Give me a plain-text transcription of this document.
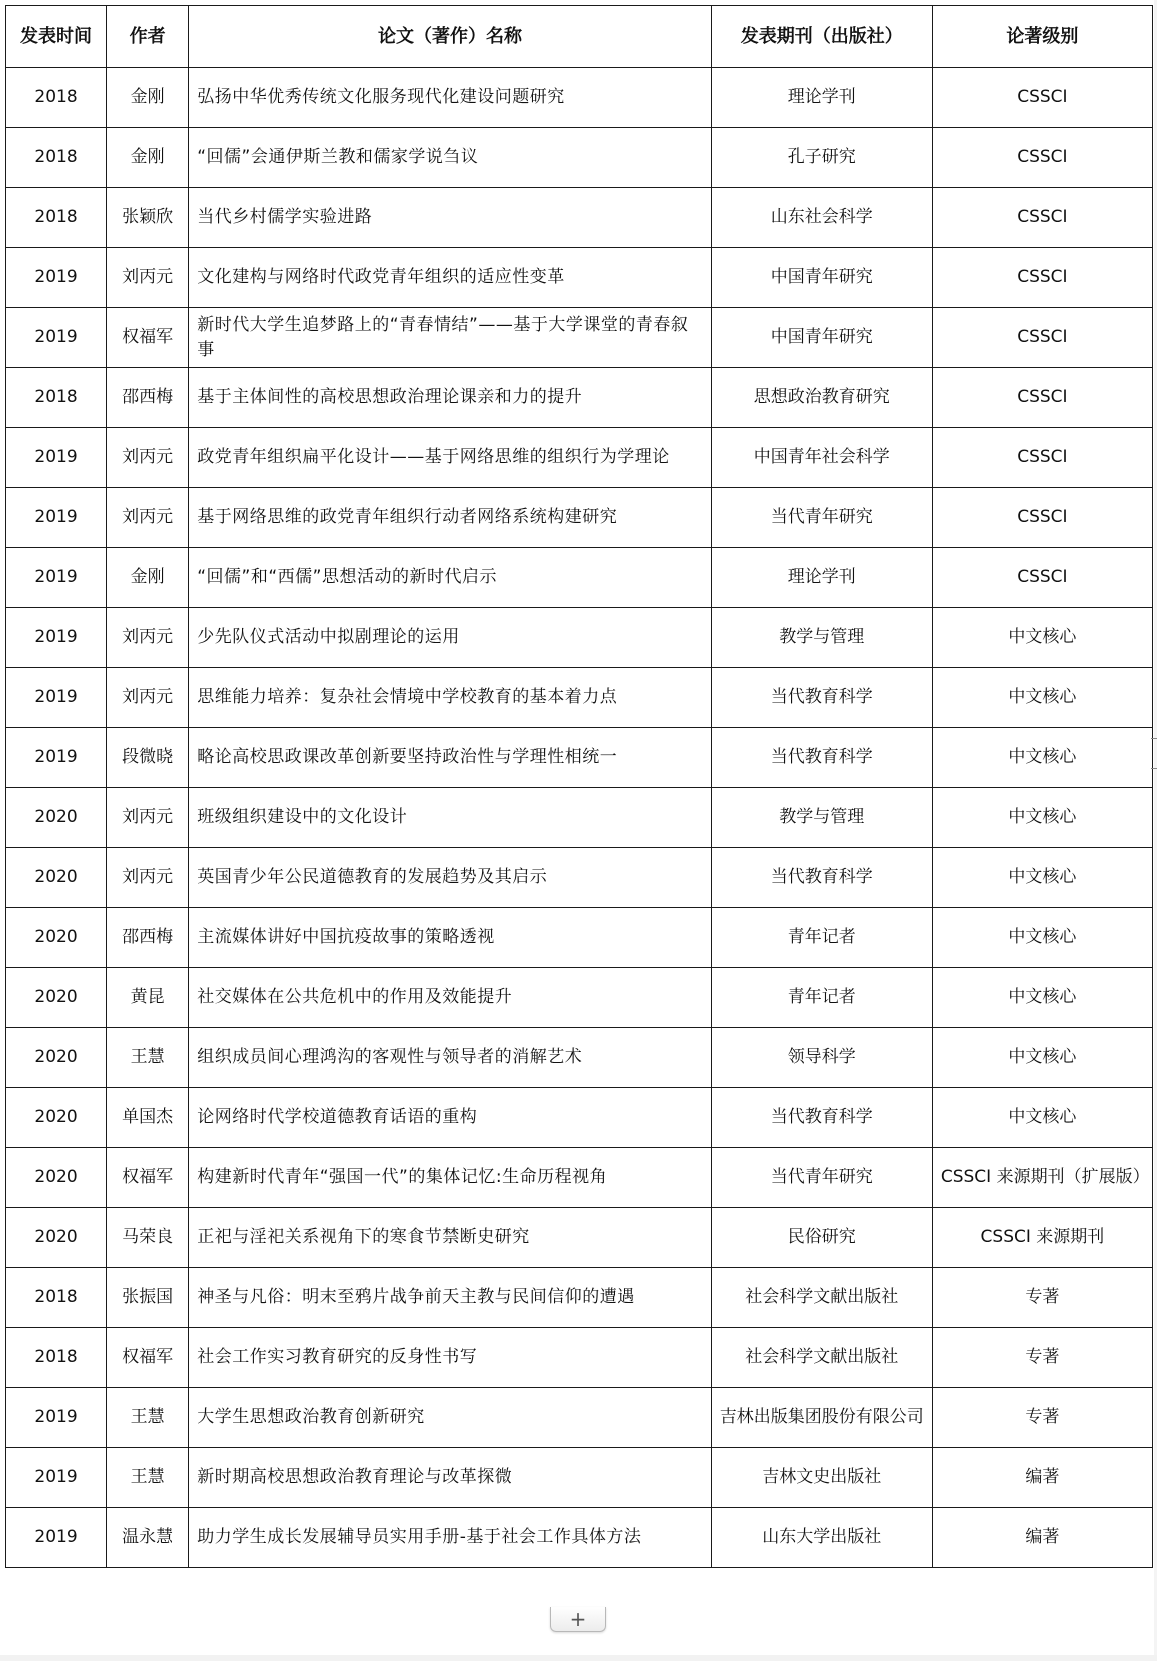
发表时间	作者	论文（著作）名称	发表期刊（出版社）	论著级别
2018	金刚	弘扬中华优秀传统文化服务现代化建设问题研究	理论学刊	CSSCI
2018	金刚	“回儒”会通伊斯兰教和儒家学说刍议	孔子研究	CSSCI
2018	张颖欣	当代乡村儒学实验进路	山东社会科学	CSSCI
2019	刘丙元	文化建构与网络时代政党青年组织的适应性变革	中国青年研究	CSSCI
2019	权福军	新时代大学生追梦路上的“青春情结”——基于大学课堂的青春叙事	中国青年研究	CSSCI
2018	邵西梅	基于主体间性的高校思想政治理论课亲和力的提升	思想政治教育研究	CSSCI
2019	刘丙元	政党青年组织扁平化设计——基于网络思维的组织行为学理论	中国青年社会科学	CSSCI
2019	刘丙元	基于网络思维的政党青年组织行动者网络系统构建研究	当代青年研究	CSSCI
2019	金刚	“回儒”和“西儒”思想活动的新时代启示	理论学刊	CSSCI
2019	刘丙元	少先队仪式活动中拟剧理论的运用	教学与管理	中文核心
2019	刘丙元	思维能力培养：复杂社会情境中学校教育的基本着力点	当代教育科学	中文核心
2019	段微晓	略论高校思政课改革创新要坚持政治性与学理性相统一	当代教育科学	中文核心
2020	刘丙元	班级组织建设中的文化设计	教学与管理	中文核心
2020	刘丙元	英国青少年公民道德教育的发展趋势及其启示	当代教育科学	中文核心
2020	邵西梅	主流媒体讲好中国抗疫故事的策略透视	青年记者	中文核心
2020	黄昆	社交媒体在公共危机中的作用及效能提升	青年记者	中文核心
2020	王慧	组织成员间心理鸿沟的客观性与领导者的消解艺术	领导科学	中文核心
2020	单国杰	论网络时代学校道德教育话语的重构	当代教育科学	中文核心
2020	权福军	构建新时代青年“强国一代”的集体记忆:生命历程视角	当代青年研究	CSSCI 来源期刊（扩展版）
2020	马荣良	正祀与淫祀关系视角下的寒食节禁断史研究	民俗研究	CSSCI 来源期刊
2018	张振国	神圣与凡俗：明末至鸦片战争前天主教与民间信仰的遭遇	社会科学文献出版社	专著
2018	权福军	社会工作实习教育研究的反身性书写	社会科学文献出版社	专著
2019	王慧	大学生思想政治教育创新研究	吉林出版集团股份有限公司	专著
2019	王慧	新时期高校思想政治教育理论与改革探微	吉林文史出版社	编著
2019	温永慧	助力学生成长发展辅导员实用手册-基于社会工作具体方法	山东大学出版社	编著
+
